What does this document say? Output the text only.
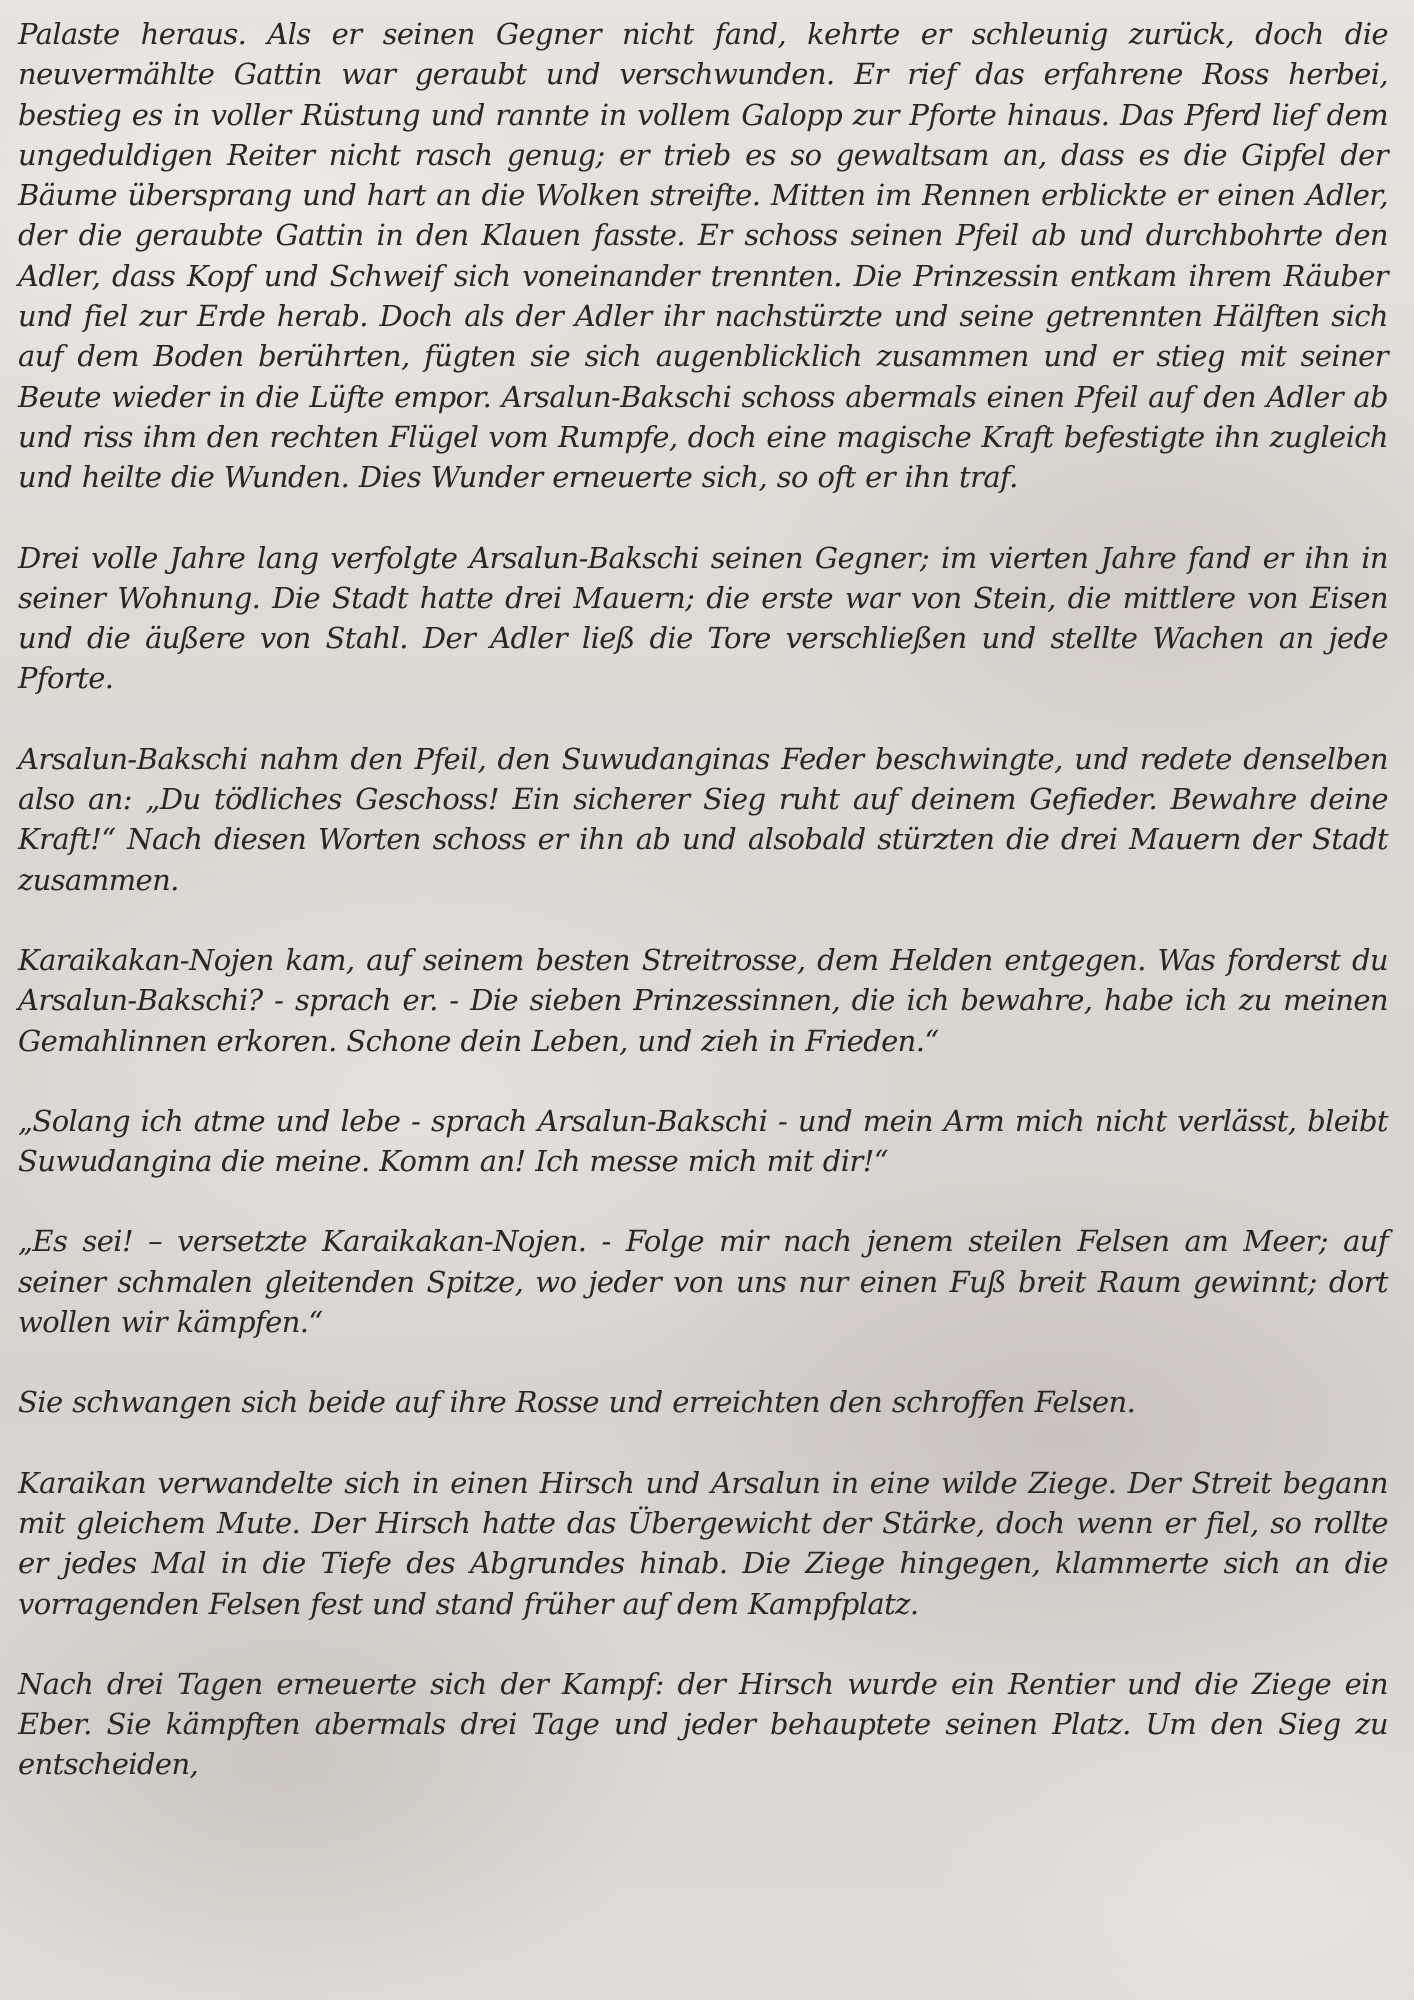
Palaste heraus. Als er seinen Gegner nicht fand, kehrte er schleunig zurück, doch die neuvermählte Gattin war geraubt und verschwunden. Er rief das erfahrene Ross herbei, bestieg es in voller Rüstung und rannte in vollem Galopp zur Pforte hinaus. Das Pferd lief dem ungeduldigen Reiter nicht rasch genug; er trieb es so gewaltsam an, dass es die Gipfel der Bäume übersprang und hart an die Wolken streifte. Mitten im Rennen erblickte er einen Adler, der die geraubte Gattin in den Klauen fasste. Er schoss seinen Pfeil ab und durchbohrte den Adler, dass Kopf und Schweif sich voneinander trennten. Die Prinzessin entkam ihrem Räuber und fiel zur Erde herab. Doch als der Adler ihr nachstürzte und seine getrennten Hälften sich auf dem Boden berührten, fügten sie sich augenblicklich zusammen und er stieg mit seiner Beute wieder in die Lüfte empor. Arsalun-Bakschi schoss abermals einen Pfeil auf den Adler ab und riss ihm den rechten Flügel vom Rumpfe, doch eine magische Kraft befestigte ihn zugleich und heilte die Wunden. Dies Wunder erneuerte sich, so oft er ihn traf.

Drei volle Jahre lang verfolgte Arsalun-Bakschi seinen Gegner; im vierten Jahre fand er ihn in seiner Wohnung. Die Stadt hatte drei Mauern; die erste war von Stein, die mittlere von Eisen und die äußere von Stahl. Der Adler ließ die Tore verschließen und stellte Wachen an jede Pforte.

Arsalun-Bakschi nahm den Pfeil, den Suwudanginas Feder beschwingte, und redete denselben also an: „Du tödliches Geschoss! Ein sicherer Sieg ruht auf deinem Gefieder. Bewahre deine Kraft!“ Nach diesen Worten schoss er ihn ab und alsobald stürzten die drei Mauern der Stadt zusammen.

Karaikakan-Nojen kam, auf seinem besten Streitrosse, dem Helden entgegen. Was forderst du Arsalun-Bakschi? - sprach er. - Die sieben Prinzessinnen, die ich bewahre, habe ich zu meinen Gemahlinnen erkoren. Schone dein Leben, und zieh in Frieden.“

„Solang ich atme und lebe - sprach Arsalun-Bakschi - und mein Arm mich nicht verlässt, bleibt Suwudangina die meine. Komm an! Ich messe mich mit dir!“

„Es sei! – versetzte Karaikakan-Nojen. - Folge mir nach jenem steilen Felsen am Meer; auf seiner schmalen gleitenden Spitze, wo jeder von uns nur einen Fuß breit Raum gewinnt; dort wollen wir kämpfen.“

Sie schwangen sich beide auf ihre Rosse und erreichten den schroffen Felsen.

Karaikan verwandelte sich in einen Hirsch und Arsalun in eine wilde Ziege. Der Streit begann mit gleichem Mute. Der Hirsch hatte das Übergewicht der Stärke, doch wenn er fiel, so rollte er jedes Mal in die Tiefe des Abgrundes hinab. Die Ziege hingegen, klammerte sich an die vorragenden Felsen fest und stand früher auf dem Kampfplatz.

Nach drei Tagen erneuerte sich der Kampf: der Hirsch wurde ein Rentier und die Ziege ein Eber. Sie kämpften abermals drei Tage und jeder behauptete seinen Platz. Um den Sieg zu entscheiden,
